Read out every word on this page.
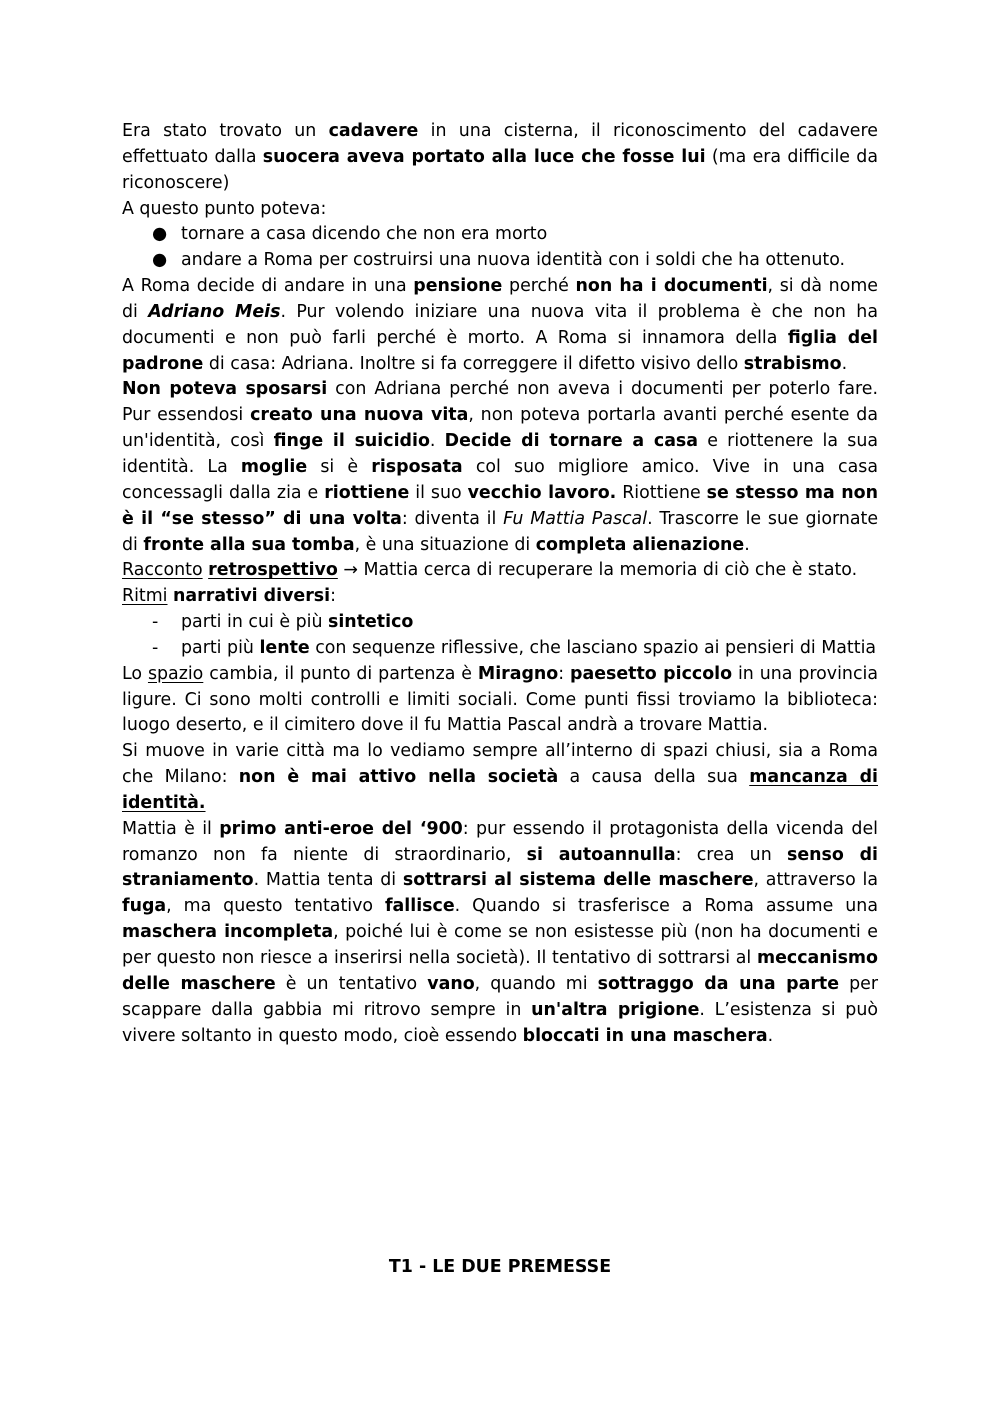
Era stato trovato un cadavere in una cisterna, il riconoscimento del cadavere effettuato dalla suocera aveva portato alla luce che fosse lui (ma era difficile da riconoscere)

A questo punto poteva:

● tornare a casa dicendo che non era morto
● andare a Roma per costruirsi una nuova identità con i soldi che ha ottenuto.

A Roma decide di andare in una pensione perché non ha i documenti, si dà nome di Adriano Meis. Pur volendo iniziare una nuova vita il problema è che non ha documenti e non può farli perché è morto. A Roma si innamora della figlia del padrone di casa: Adriana. Inoltre si fa correggere il difetto visivo dello strabismo.

Non poteva sposarsi con Adriana perché non aveva i documenti per poterlo fare. Pur essendosi creato una nuova vita, non poteva portarla avanti perché esente da un'identità, così finge il suicidio. Decide di tornare a casa e riottenere la sua identità. La moglie si è risposata col suo migliore amico. Vive in una casa concessagli dalla zia e riottiene il suo vecchio lavoro. Riottiene se stesso ma non è il “se stesso” di una volta: diventa il Fu Mattia Pascal. Trascorre le sue giornate di fronte alla sua tomba, è una situazione di completa alienazione.

Racconto retrospettivo → Mattia cerca di recuperare la memoria di ciò che è stato.

Ritmi narrativi diversi:

- parti in cui è più sintetico
- parti più lente con sequenze riflessive, che lasciano spazio ai pensieri di Mattia

Lo spazio cambia, il punto di partenza è Miragno: paesetto piccolo in una provincia ligure. Ci sono molti controlli e limiti sociali. Come punti fissi troviamo la biblioteca: luogo deserto, e il cimitero dove il fu Mattia Pascal andrà a trovare Mattia.

Si muove in varie città ma lo vediamo sempre all’interno di spazi chiusi, sia a Roma che Milano: non è mai attivo nella società a causa della sua mancanza di identità.

Mattia è il primo anti-eroe del ‘900: pur essendo il protagonista della vicenda del romanzo non fa niente di straordinario, si autoannulla: crea un senso di straniamento. Mattia tenta di sottrarsi al sistema delle maschere, attraverso la fuga, ma questo tentativo fallisce. Quando si trasferisce a Roma assume una maschera incompleta, poiché lui è come se non esistesse più (non ha documenti e per questo non riesce a inserirsi nella società). Il tentativo di sottrarsi al meccanismo delle maschere è un tentativo vano, quando mi sottraggo da una parte per scappare dalla gabbia mi ritrovo sempre in un'altra prigione. L’esistenza si può vivere soltanto in questo modo, cioè essendo bloccati in una maschera.

T1 - LE DUE PREMESSE
